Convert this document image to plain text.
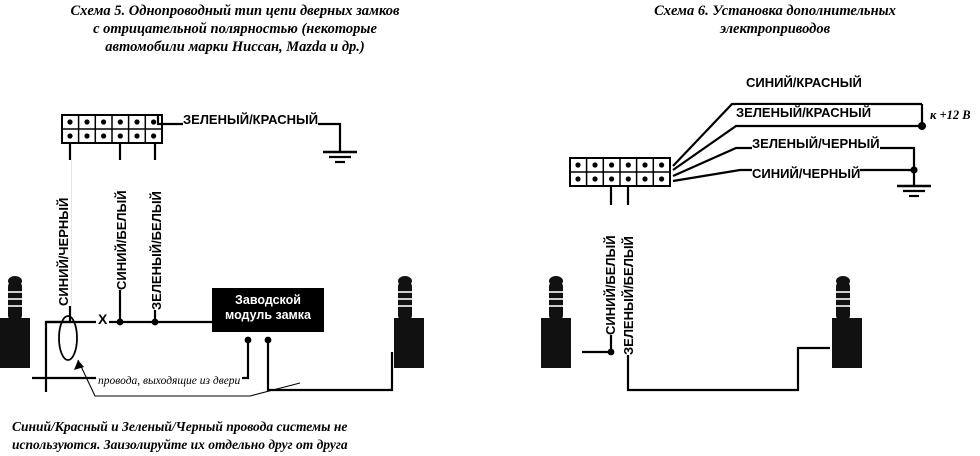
Схема 5. Однопроводный тип цепи дверных замков
с отрицательной полярностью (некоторые
автомобили марки Ниссан, Mazda и др.)
Схема 6. Установка дополнительных
электроприводов
Заводской
модуль замка
ЗЕЛЕНЫЙ/КРАСНЫЙ
СИНИЙ/ЧЕРНЫЙ	СИНИЙ/БЕЛЫЙ ЗЕЛЕНЫЙ/БЕЛЫЙ
X
провода, выходящие из двери
Синий/Красный и Зеленый/Черный провода системы не
используются. Заизолируйте их отдельно друг от друга
СИНИЙ/КРАСНЫЙ
ЗЕЛЕНЫЙ/КРАСНЫЙ
ЗЕЛЕНЫЙ/ЧЕРНЫЙ
СИНИЙ/ЧЕРНЫЙ
СИНИЙ/БЕЛЫЙ ЗЕЛЕНЫЙ/БЕЛЫЙ
к +12 В
